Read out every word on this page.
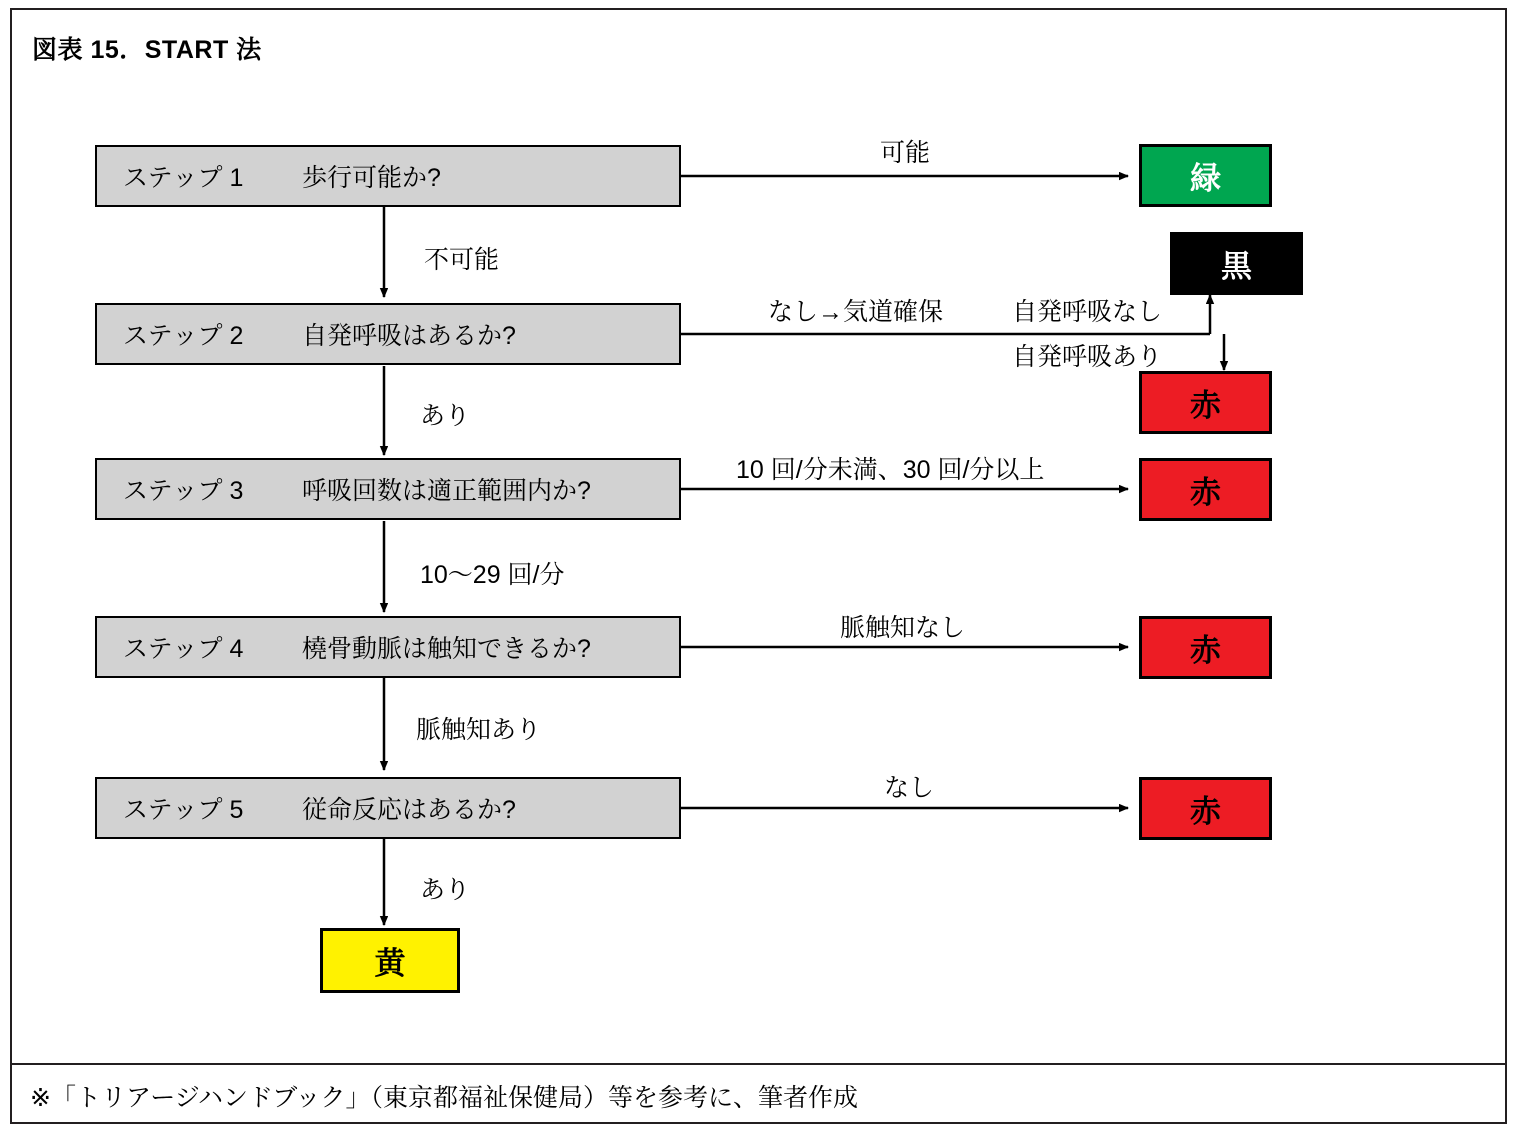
図表 15．START 法
ステップ 1 歩行可能か?
ステップ 2 自発呼吸はあるか?
ステップ 3 呼吸回数は適正範囲内か?
ステップ 4 橈骨動脈は触知できるか?
ステップ 5 従命反応はあるか?
緑
黒
赤
赤
赤
赤
黄
可能
不可能
なし→気道確保	自発呼吸なし
自発呼吸あり
あり
10 回/分未満、30 回/分以上
10〜29 回/分
脈触知なし
脈触知あり
なし
あり
※「トリアージハンドブック」（東京都福祉保健局）等を参考に、筆者作成
